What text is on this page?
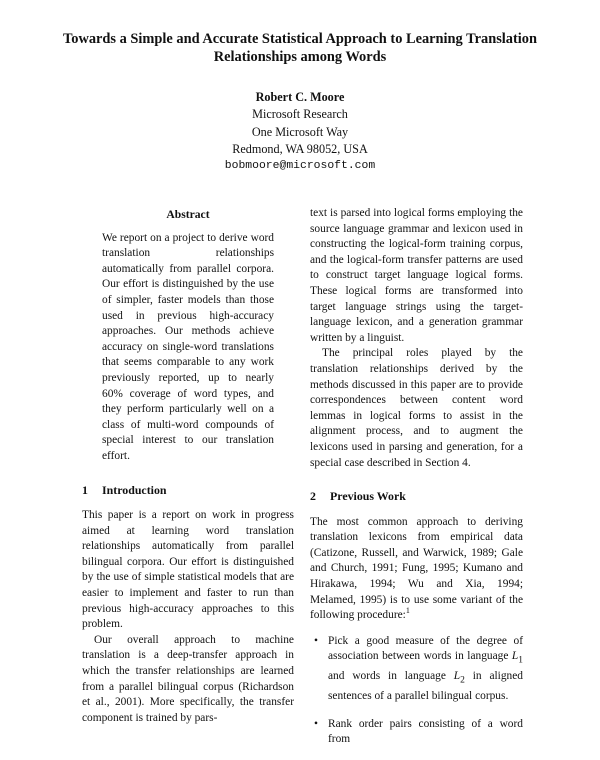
Towards a Simple and Accurate Statistical Approach to Learning Translation Relationships among Words
Robert C. Moore
Microsoft Research
One Microsoft Way
Redmond, WA 98052, USA
bobmoore@microsoft.com
Abstract

We report on a project to derive word translation relationships automatically from parallel corpora. Our effort is distinguished by the use of simpler, faster models than those used in previous high-accuracy approaches. Our methods achieve accuracy on single-word translations that seems comparable to any work previously reported, up to nearly 60% coverage of word types, and they perform particularly well on a class of multi-word compounds of special interest to our translation effort.

1 Introduction

This paper is a report on work in progress aimed at learning word translation relationships automatically from parallel bilingual corpora. Our effort is distinguished by the use of simple statistical models that are easier to implement and faster to run than previous high-accuracy approaches to this problem.

Our overall approach to machine translation is a deep-transfer approach in which the transfer relationships are learned from a parallel bilingual corpus (Richardson et al., 2001). More specifically, the transfer component is trained by pars-

text is parsed into logical forms employing the source language grammar and lexicon used in constructing the logical-form training corpus, and the logical-form transfer patterns are used to construct target language logical forms. These logical forms are transformed into target language strings using the target-language lexicon, and a generation grammar written by a linguist.

The principal roles played by the translation relationships derived by the methods discussed in this paper are to provide correspondences between content word lemmas in logical forms to assist in the alignment process, and to augment the lexicons used in parsing and generation, for a special case described in Section 4.

2 Previous Work

The most common approach to deriving translation lexicons from empirical data (Catizone, Russell, and Warwick, 1989; Gale and Church, 1991; Fung, 1995; Kumano and Hirakawa, 1994; Wu and Xia, 1994; Melamed, 1995) is to use some variant of the following procedure:$^1$

• Pick a good measure of the degree of association between words in language $L_1$ and words in language $L_2$ in aligned sentences of a parallel bilingual corpus.
• Rank order pairs consisting of a word from
